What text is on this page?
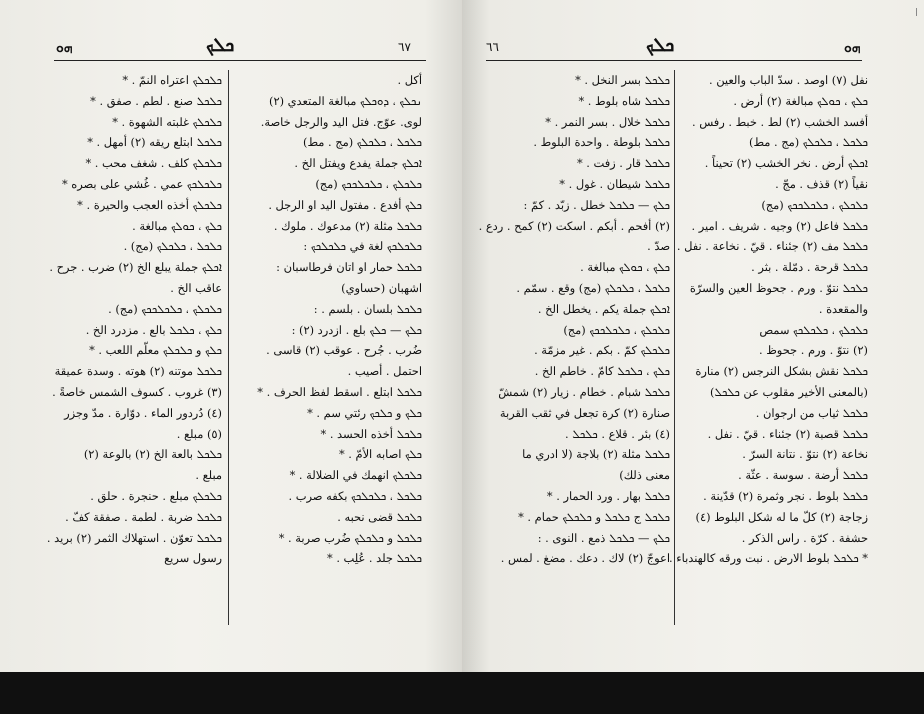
ܗܘ	ܟܠܟ	٦٧
أكل .
ܢܟܠܟ ، ܕܘܟܠܟ مبالغة المتعدي (٢)
لوى. عوّج. فتل اليد والرجل خاصة.
ܟܠܟܠ ، ܟܠܟܠܟ (مج . مط)
ܐܟܠܟ جملة يفدع ويفتل الخ .
ܟܠܟܠܟ ، ܟܠܟܠܟܟܟ (مج)
ܟܠܟ أفدع . مفتول اليد او الرجل .
ܟܠܟܠ مثلة (٢) مدعوك . ملوك .
ܟܠܟܠܟܟ لغة في ܟܠܟܠܟܟ :
ܟܠܟܠ حمار او اتان فرطاسبان :
اشهبان (حساوي)
ܟܠܟܠ بلسان . بلسم . :
ܟܠܟ — ܟܠܟ بلع . ازدرد (٢) :
ضُرب . جُرح . عوقب (٢) قاسى .
احتمل . أصيب .
ܟܠܟܠ ابتلع . اسقط لفظ الحرف . *
ܟܠܟ و ܟܠܟܟ رئتي سم . *
ܟܠܟܠ أخذه الحسد . *
ܟܠܟ اصابه الأمّ . *
ܟܠܟܠܟ انهمك في الضلالة . *
ܟܠܟܠ ، ܟܠܟܠܟܟ بكفه صرب .
ܟܠܟܠ قضى نحبه .
ܟܠܟܠ و ܟܠܟܠܟ ضُرب صربة . *
ܟܠܟܠ جلد . عُلِب . *
ܟܠܟܠܟ اعتراه النمّ . *
ܟܠܟܠ صنع . لطم . صفق . *
ܟܠܟܠܟ غلبته الشهوة . *
ܟܠܟܠ ابتلع ريقه (٢) أمهل . *
ܟܠܟܠܟ كلف . شغف محب . *
ܟܠܟܠܟܟ عمي . غُشي على بصره *
ܟܠܟܠܟ أخذه العجب والحيرة . *
ܟܠܟ ، ܟܘܠܟ مبالغة .
ܟܠܟܠ ، ܟܠܟܠܟ (مج) .
ܐܟܠܟ جملة يبلع الخ (٢) ضرب . جرح .
عاقب الخ .
ܟܠܟܠܟ ، ܟܠܟܠܟܟܟ (مج) .
ܟܠܟ ، ܟܠܟܠ بالع . مزدرد الخ .
ܟܠܟ و ܟܠܟܠܟ معلّم اللعب . *
ܟܠܟܠ موتنه (٢) هوته . وسدة عميقة
(٣) غروب . كسوف الشمس خاصةً .
(٤) دُردور الماء . دوّارة . مدّ وجزر
(٥) مبلع .
ܟܠܟܠ بالعة الخ (٢) بالوعة (٢)
مبلع .
ܟܠܟܠܟ مبلع . حنجرة . حلق .
ܟܠܟܠ ضربة . لطمة . صفقة كفّ .
ܟܠܟܠ تعوّن . استهلاك الثمر (٢) بريد .
رسول سريع
٦٦	ܟܠܟ	ܗܘ
ܟܠܟܠ بسر النخل . *
ܟܠܟܠ شاه بلوط . *
ܟܠܟܠ خلال . بسر النمر . *
ܟܠܟܠ بلوطة . واحدة البلوط .
ܟܠܟܠ قار . زفت . *
ܟܠܟܠ شيطان . غول . *
ܟܠܟ — ܟܠܟܠ خطل . زبّد . كمّ :
(٢) أفحم . أبكم . اسكت (٢) كمح . ردع .
صدّ .
ܟܠܟ ، ܟܘܠܟ مبالغة .
ܟܠܟܠ ، ܟܠܟܠܟ (مج) وقع . سمّم .
ܐܟܠܟ جملة يكم . يخطل الخ .
ܟܠܟܠܟ ، ܟܠܟܠܟܟܟ (مج)
ܟܠܟܠܟ كمّ . بكم . غير مزمّة .
ܟܠܟ ، ܟܠܟܠ كامّ . خاطم الخ .
ܟܠܟܠ شبام . خطام . زيار (٢) شمشّ
صنارة (٢) كرة تجعل في ثقب القربة
(٤) بئر . قلاع . ܟܠܟܠ .
ܟܠܟܠ مثلة (٢) بلاجة (لا ادري ما
معنى ذلك)
ܟܠܟܠ بهار . ورد الحمار . *
ܟܠܟܠ ج ܟܠܟܠ و ܟܠܟܠܟ حمام . *
ܟܠܟ — ܟܠܟܠ ذمع . النوى . :
اعوجّ (٢) لاك . دعك . مضغ . لمس .
نفل (٧) اوصد . سدّ الباب والعين .
ܟܠܟ ، ܟܘܠܟ مبالغة (٢) أرض .
أفسد الخشب (٢) لط . خبط . رفس .
ܟܠܟܠ ، ܟܠܟܠܟ (مج . مط)
ܐܟܠܟ أرض . نخر الخشب (٢) تحيناً .
نقياً (٢) قذف . مجّ .
ܟܠܟܠܟ ، ܟܠܟܠܟܟܟ (مج)
ܟܠܟܠ فاعل (٢) وجيه . شريف . امير .
ܟܠܟܠ مف (٢) جئناء . قيّ . نخاعة . نفل .
ܟܠܟܠ قرحة . دمّلة . بثر .
ܟܠܟܠ نتوّ . ورم . جحوظ العين والسرّة
والمقعدة .
ܟܠܟܠܟ ، ܟܠܟܠܟܟ سمص
(٢) نتوّ . ورم . جحوظ .
ܟܠܟܠ نقش بشكل النرجس (٢) منارة
(بالمعنى الأخير مقلوب عن ܟܠܟܠ)
ܟܠܟܠ ثياب من ارجوان .
ܟܠܟܠ قصبة (٢) جئناء . قيّ . نفل .
نخاعة (٢) نتوّ . نتانة السرّ .
ܟܠܟܠ أرضة . سوسة . عثّة .
ܟܠܟܠ بلوط . نجر وثمرة (٢) قدّينة .
زجاجة (٢) كلّ ما له شكل البلوط (٤)
حشفة . كرّة . راس الذكر .
* ܟܠܟܠ بلوط الارض . نبت ورقه كالهندباء .
